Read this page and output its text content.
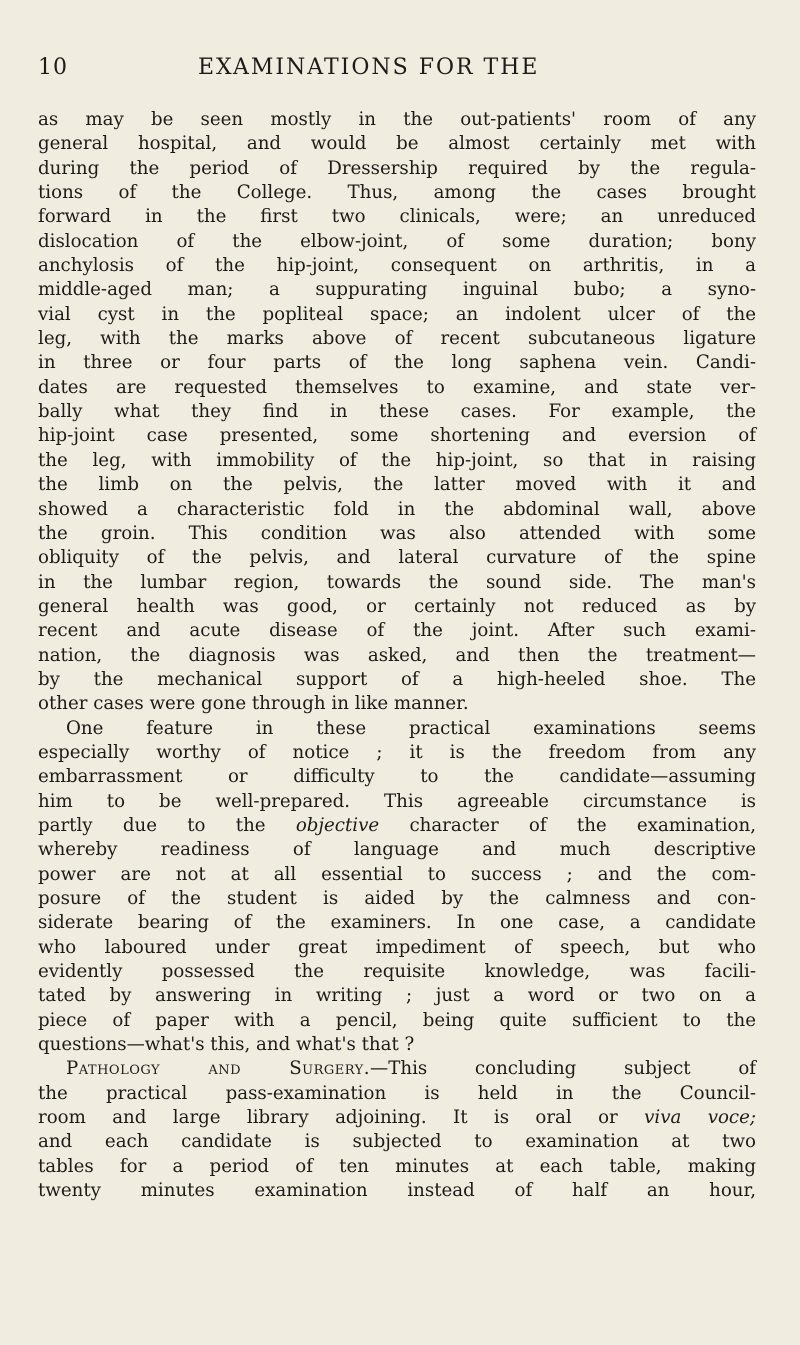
10	EXAMINATIONS FOR THE
as may be seen mostly in the out-patients' room of any
general hospital, and would be almost certainly met with
during the period of Dressership required by the regula-
tions of the College. Thus, among the cases brought
forward in the first two clinicals, were; an unreduced
dislocation of the elbow-joint, of some duration; bony
anchylosis of the hip-joint, consequent on arthritis, in a
middle-aged man; a suppurating inguinal bubo; a syno-
vial cyst in the popliteal space; an indolent ulcer of the
leg, with the marks above of recent subcutaneous ligature
in three or four parts of the long saphena vein. Candi-
dates are requested themselves to examine, and state ver-
bally what they find in these cases. For example, the
hip-joint case presented, some shortening and eversion of
the leg, with immobility of the hip-joint, so that in raising
the limb on the pelvis, the latter moved with it and
showed a characteristic fold in the abdominal wall, above
the groin. This condition was also attended with some
obliquity of the pelvis, and lateral curvature of the spine
in the lumbar region, towards the sound side. The man's
general health was good, or certainly not reduced as by
recent and acute disease of the joint. After such exami-
nation, the diagnosis was asked, and then the treatment—
by the mechanical support of a high-heeled shoe. The
other cases were gone through in like manner.
One feature in these practical examinations seems
especially worthy of notice ; it is the freedom from any
embarrassment or difficulty to the candidate—assuming
him to be well-prepared. This agreeable circumstance is
partly due to the objective character of the examination,
whereby readiness of language and much descriptive
power are not at all essential to success ; and the com-
posure of the student is aided by the calmness and con-
siderate bearing of the examiners. In one case, a candidate
who laboured under great impediment of speech, but who
evidently possessed the requisite knowledge, was facili-
tated by answering in writing ; just a word or two on a
piece of paper with a pencil, being quite sufficient to the
questions—what's this, and what's that ?
Pathology and Surgery.—This concluding subject of
the practical pass-examination is held in the Council-
room and large library adjoining. It is oral or viva voce;
and each candidate is subjected to examination at two
tables for a period of ten minutes at each table, making
twenty minutes examination instead of half an hour,
